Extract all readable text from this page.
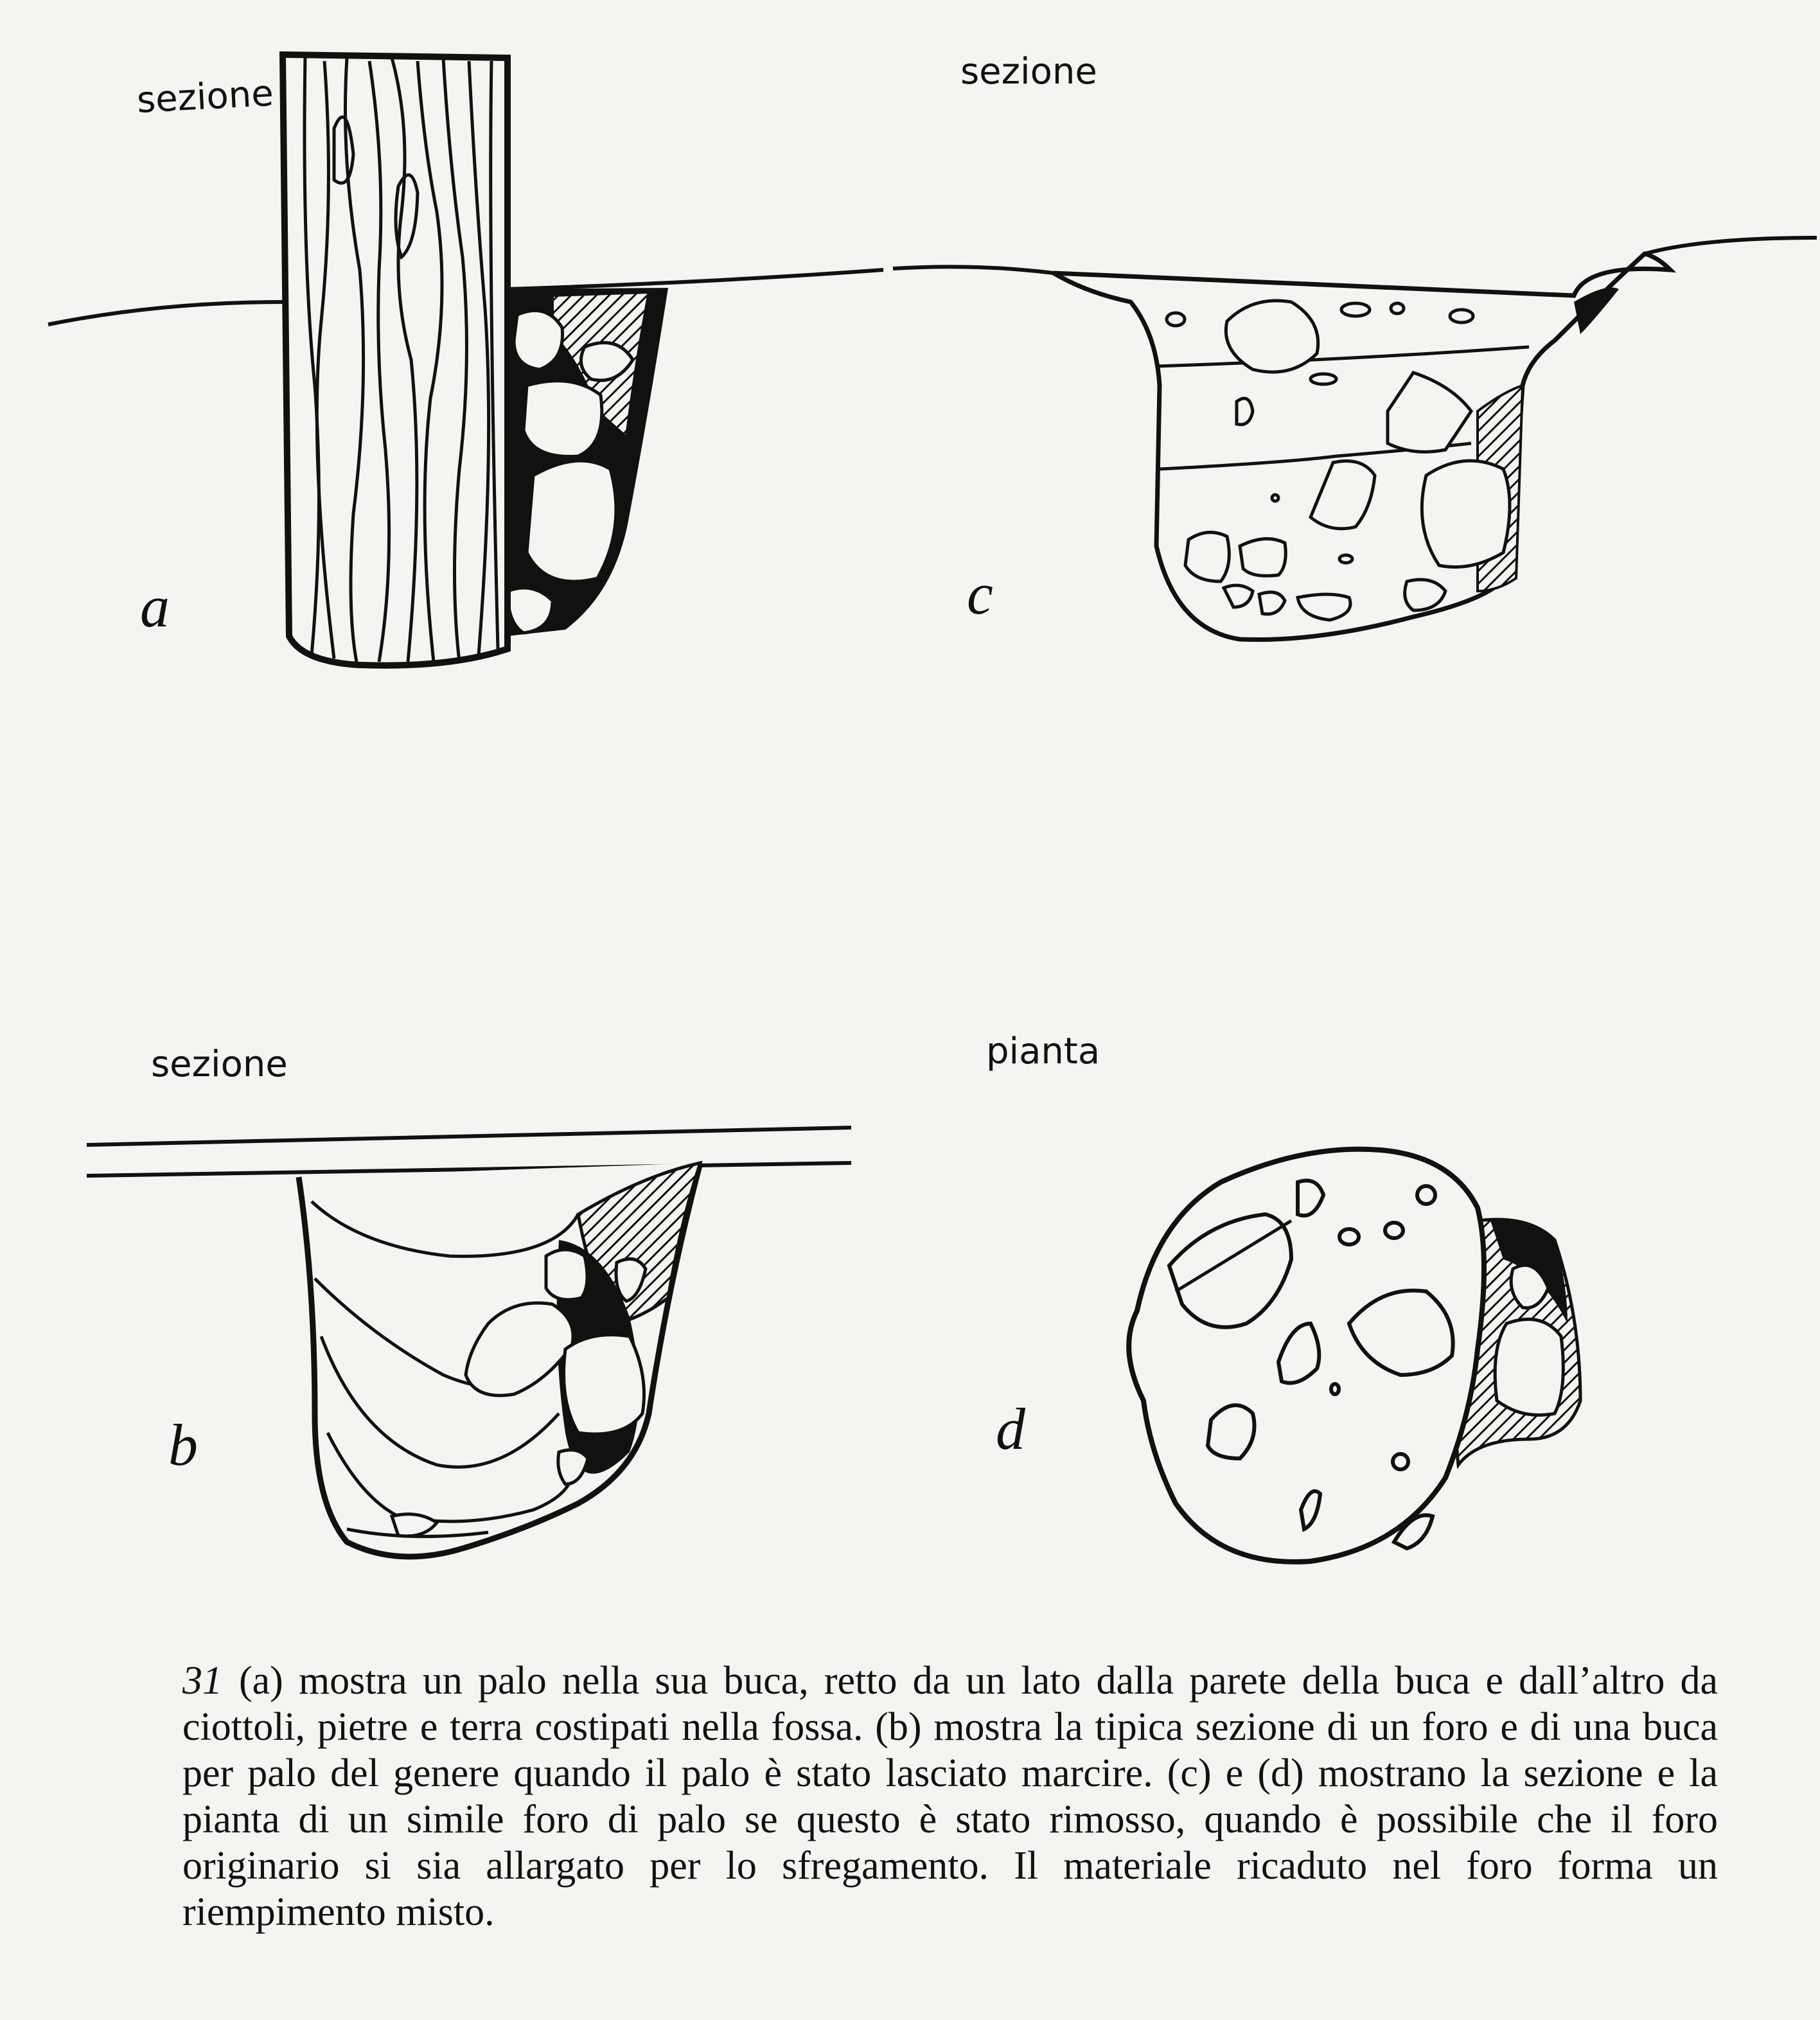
sezione
a
sezione
c
sezione
b
pianta
d
31 (a) mostra un palo nella sua buca, retto da un lato dalla parete della buca e dall’altro da ciottoli, pietre e terra costipati nella fossa. (b) mostra la tipica sezione di un foro e di una buca per palo del genere quando il palo è stato lasciato marcire. (c) e (d) mostrano la sezione e la pianta di un simile foro di palo se questo è stato rimosso, quando è possibile che il foro originario si sia allargato per lo sfregamento. Il materiale ricaduto nel foro forma un riempimento misto.
